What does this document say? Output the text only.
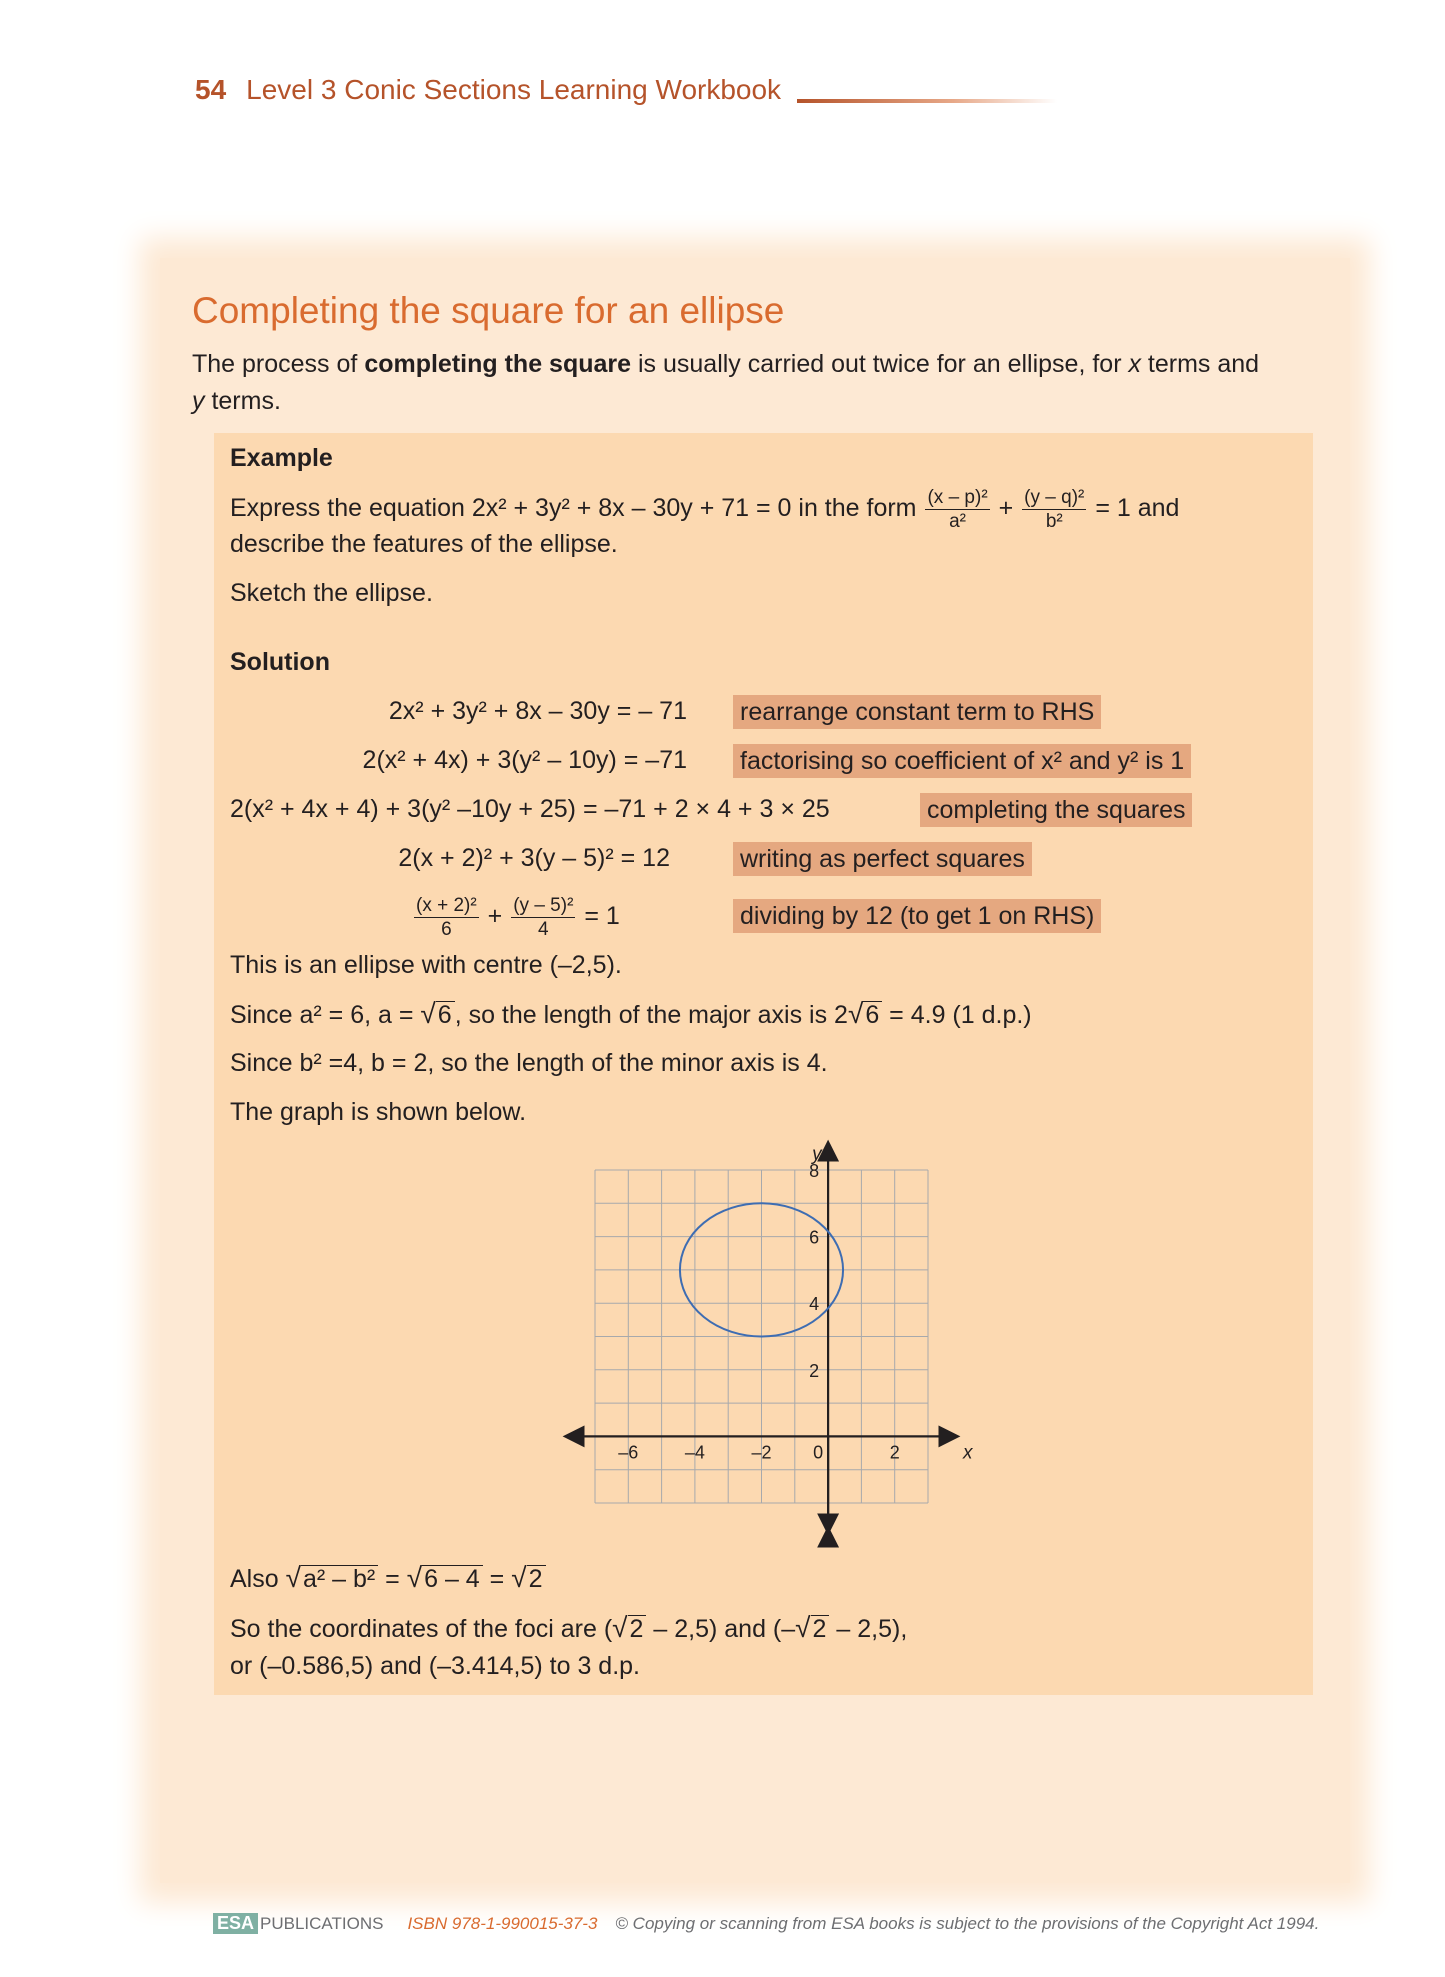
54 Level 3 Conic Sections Learning Workbook
Completing the square for an ellipse
The process of completing the square is usually carried out twice for an ellipse, for x terms and
y terms.
Example
Express the equation 2x² + 3y² + 8x – 30y + 71 = 0 in the form $\frac{\text{(x – p)²}}{\text{a²}} + \frac{\text{(y – q)²}}{\text{b²}} = 1$ and
describe the features of the ellipse.
Sketch the ellipse.
Solution
2x² + 3y² + 8x – 30y = – 71 rearrange constant term to RHS
2(x² + 4x) + 3(y² – 10y) = –71 factorising so coefficient of x² and y² is 1
2(x² + 4x + 4) + 3(y² –10y + 25) = –71 + 2 × 4 + 3 × 25	completing the squares
2(x + 2)² + 3(y – 5)² = 12	writing as perfect squares
$\frac{\text{(x + 2)²}}{6} + \frac{\text{(y – 5)²}}{4} = 1$	dividing by 12 (to get 1 on RHS)
This is an ellipse with centre (–2,5).
Since a² = 6, a = √6 , so the length of the major axis is 2√6 = 4.9 (1 d.p.)
Since b² =4, b = 2, so the length of the minor axis is 4.
The graph is shown below.
–6	–4	–2 0	2
2
4
6
8
x
y
Also √a² – b² = √6 – 4 = √2
So the coordinates of the foci are (√2 – 2,5) and (–√2 – 2,5),
or (–0.586,5) and (–3.414,5) to 3 d.p.
ESA PUBLICATIONS ISBN 978-1-990015-37-3 © Copying or scanning from ESA books is subject to the provisions of the Copyright Act 1994.
